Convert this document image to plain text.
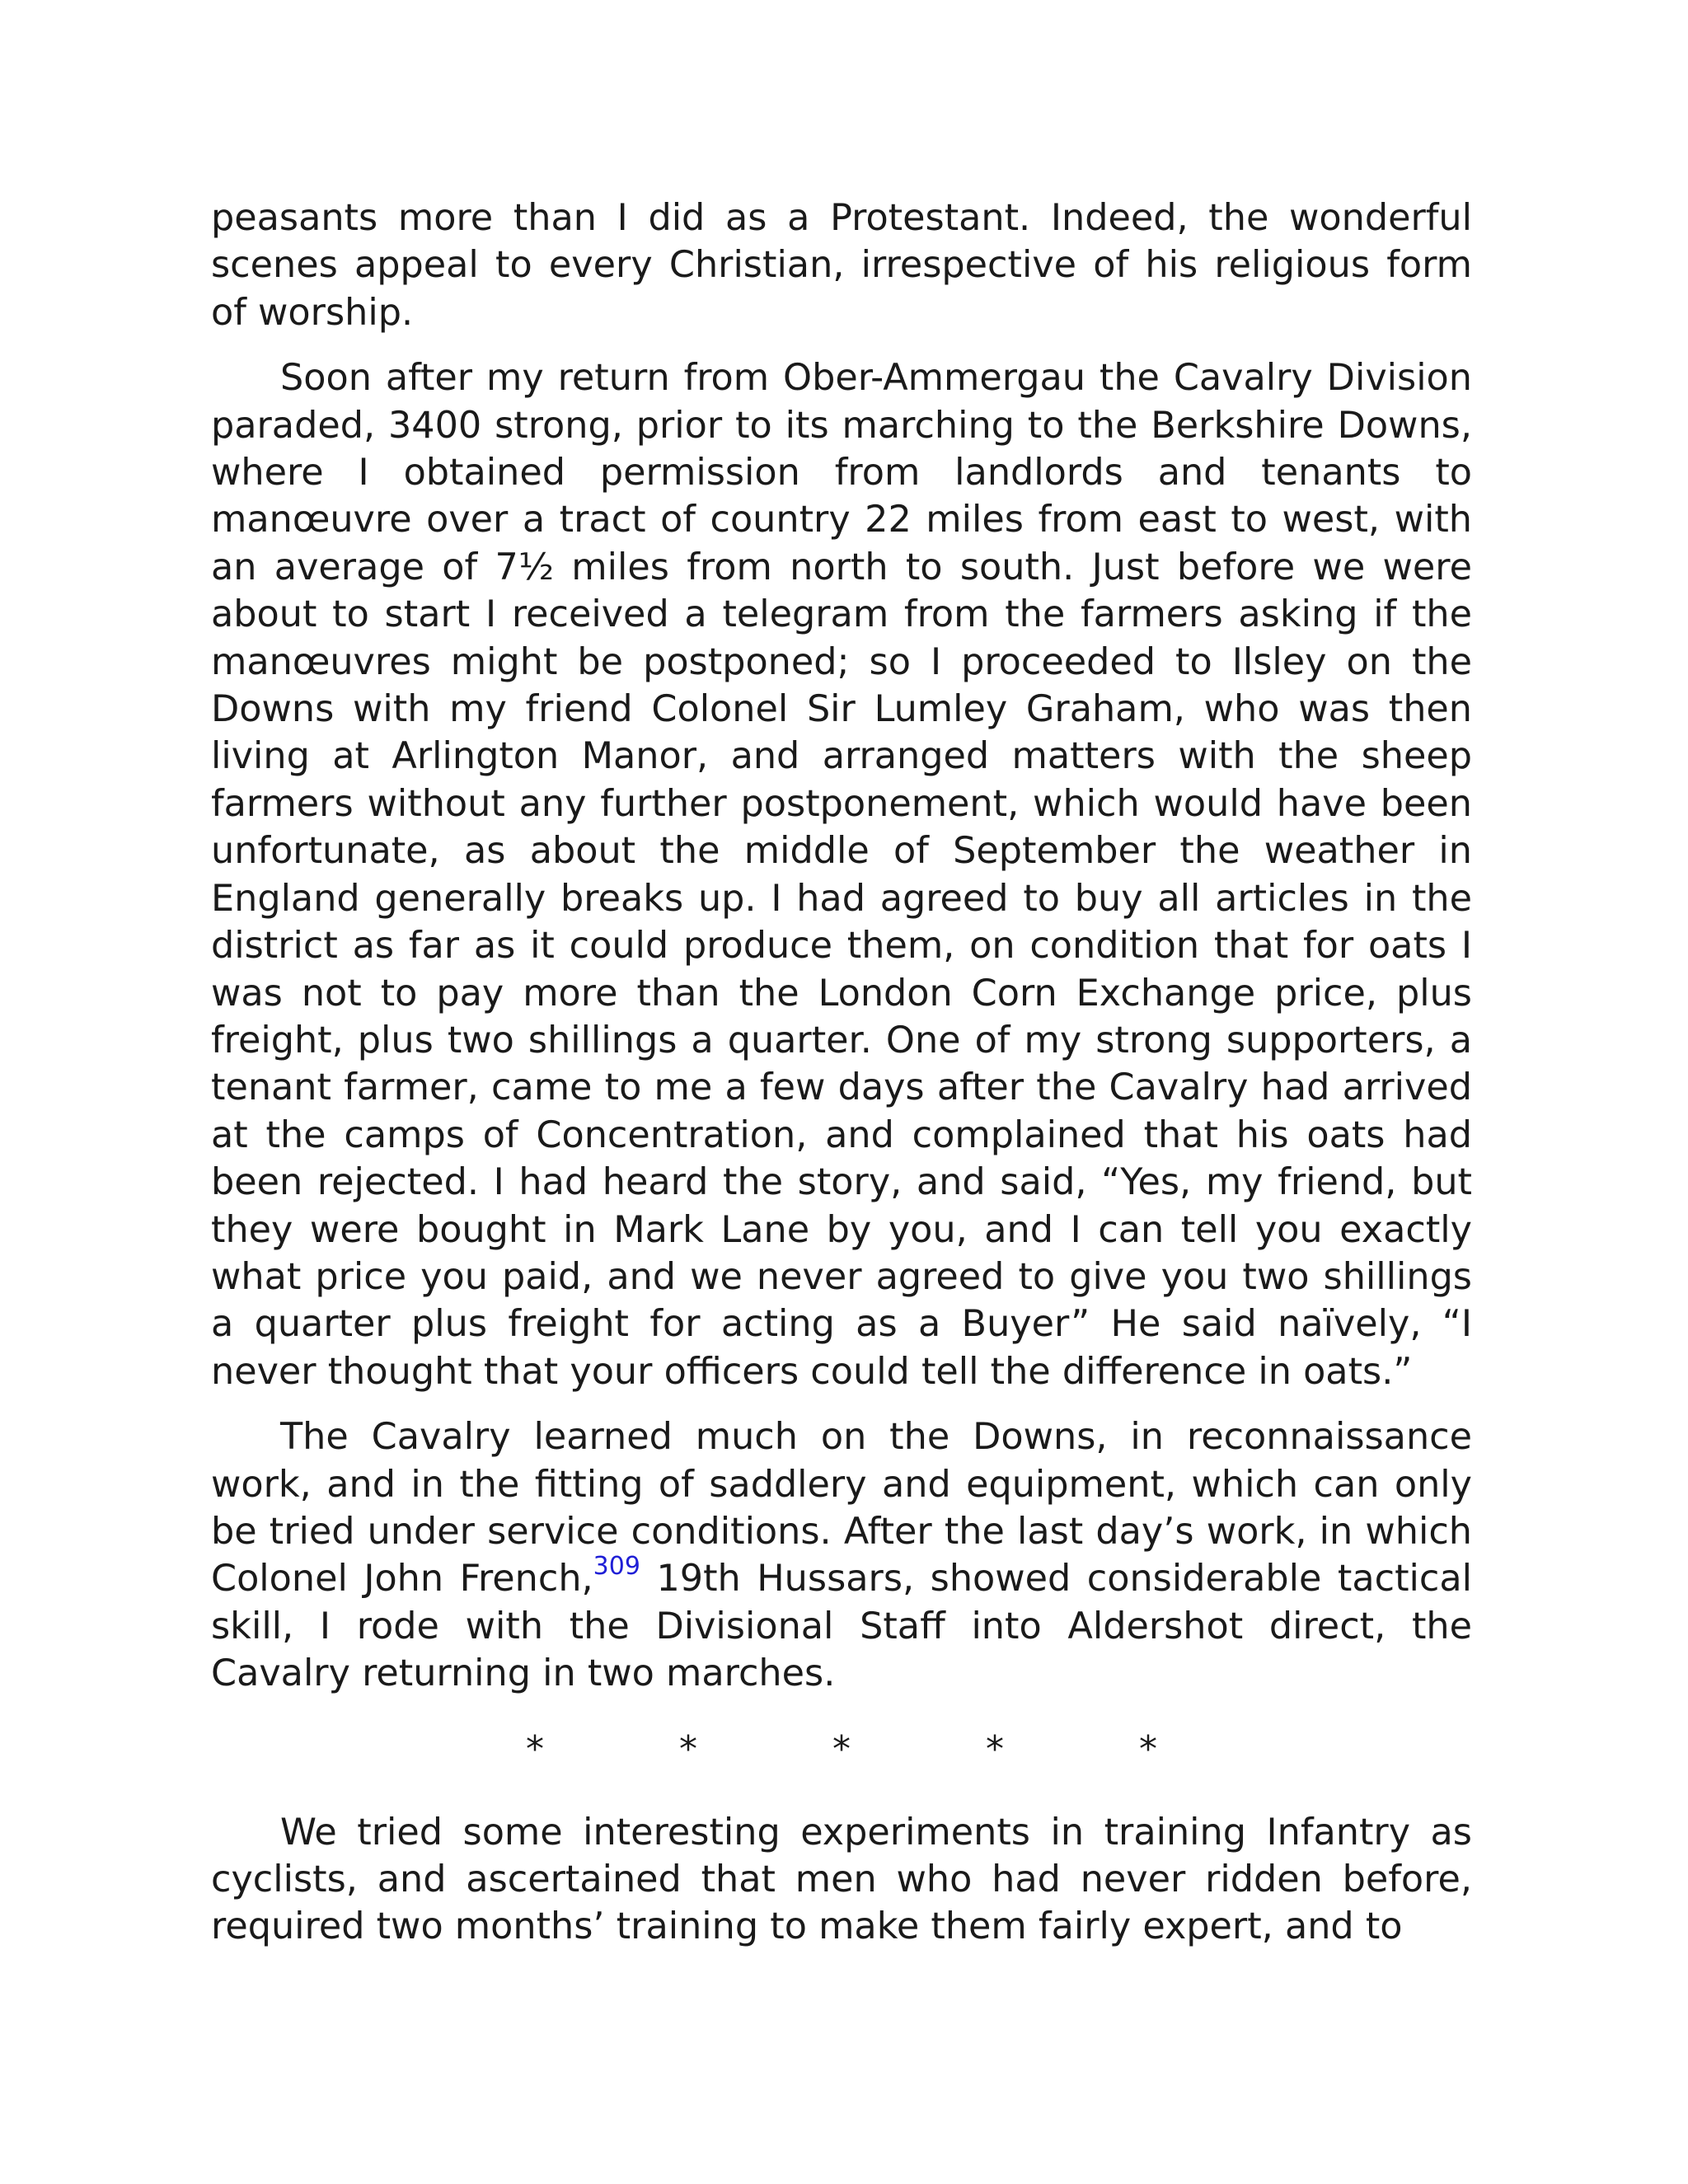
peasants more than I did as a Protestant. Indeed, the wonderful scenes appeal to every Christian, irrespective of his religious form of worship.

Soon after my return from Ober-Ammergau the Cavalry Division paraded, 3400 strong, prior to its marching to the Berkshire Downs, where I obtained permission from landlords and tenants to manœuvre over a tract of country 22 miles from east to west, with an average of 7½ miles from north to south. Just before we were about to start I received a telegram from the farmers asking if the manœuvres might be postponed; so I proceeded to Ilsley on the Downs with my friend Colonel Sir Lumley Graham, who was then living at Arlington Manor, and arranged matters with the sheep farmers without any further postponement, which would have been unfortunate, as about the middle of September the weather in England generally breaks up. I had agreed to buy all articles in the district as far as it could produce them, on condition that for oats I was not to pay more than the London Corn Exchange price, plus freight, plus two shillings a quarter. One of my strong supporters, a tenant farmer, came to me a few days after the Cavalry had arrived at the camps of Concentration, and complained that his oats had been rejected. I had heard the story, and said, “Yes, my friend, but they were bought in Mark Lane by you, and I can tell you exactly what price you paid, and we never agreed to give you two shillings a quarter plus freight for acting as a Buyer” He said naïvely, “I never thought that your officers could tell the difference in oats.”

The Cavalry learned much on the Downs, in reconnaissance work, and in the fitting of saddlery and equipment, which can only be tried under service conditions. After the last day’s work, in which Colonel John French,$^{309}$ 19th Hussars, showed considerable tactical skill, I rode with the Divisional Staff into Aldershot direct, the Cavalry returning in two marches.

*	*	*	*	*

We tried some interesting experiments in training Infantry as cyclists, and ascertained that men who had never ridden before, required two months’ training to make them fairly expert, and to
